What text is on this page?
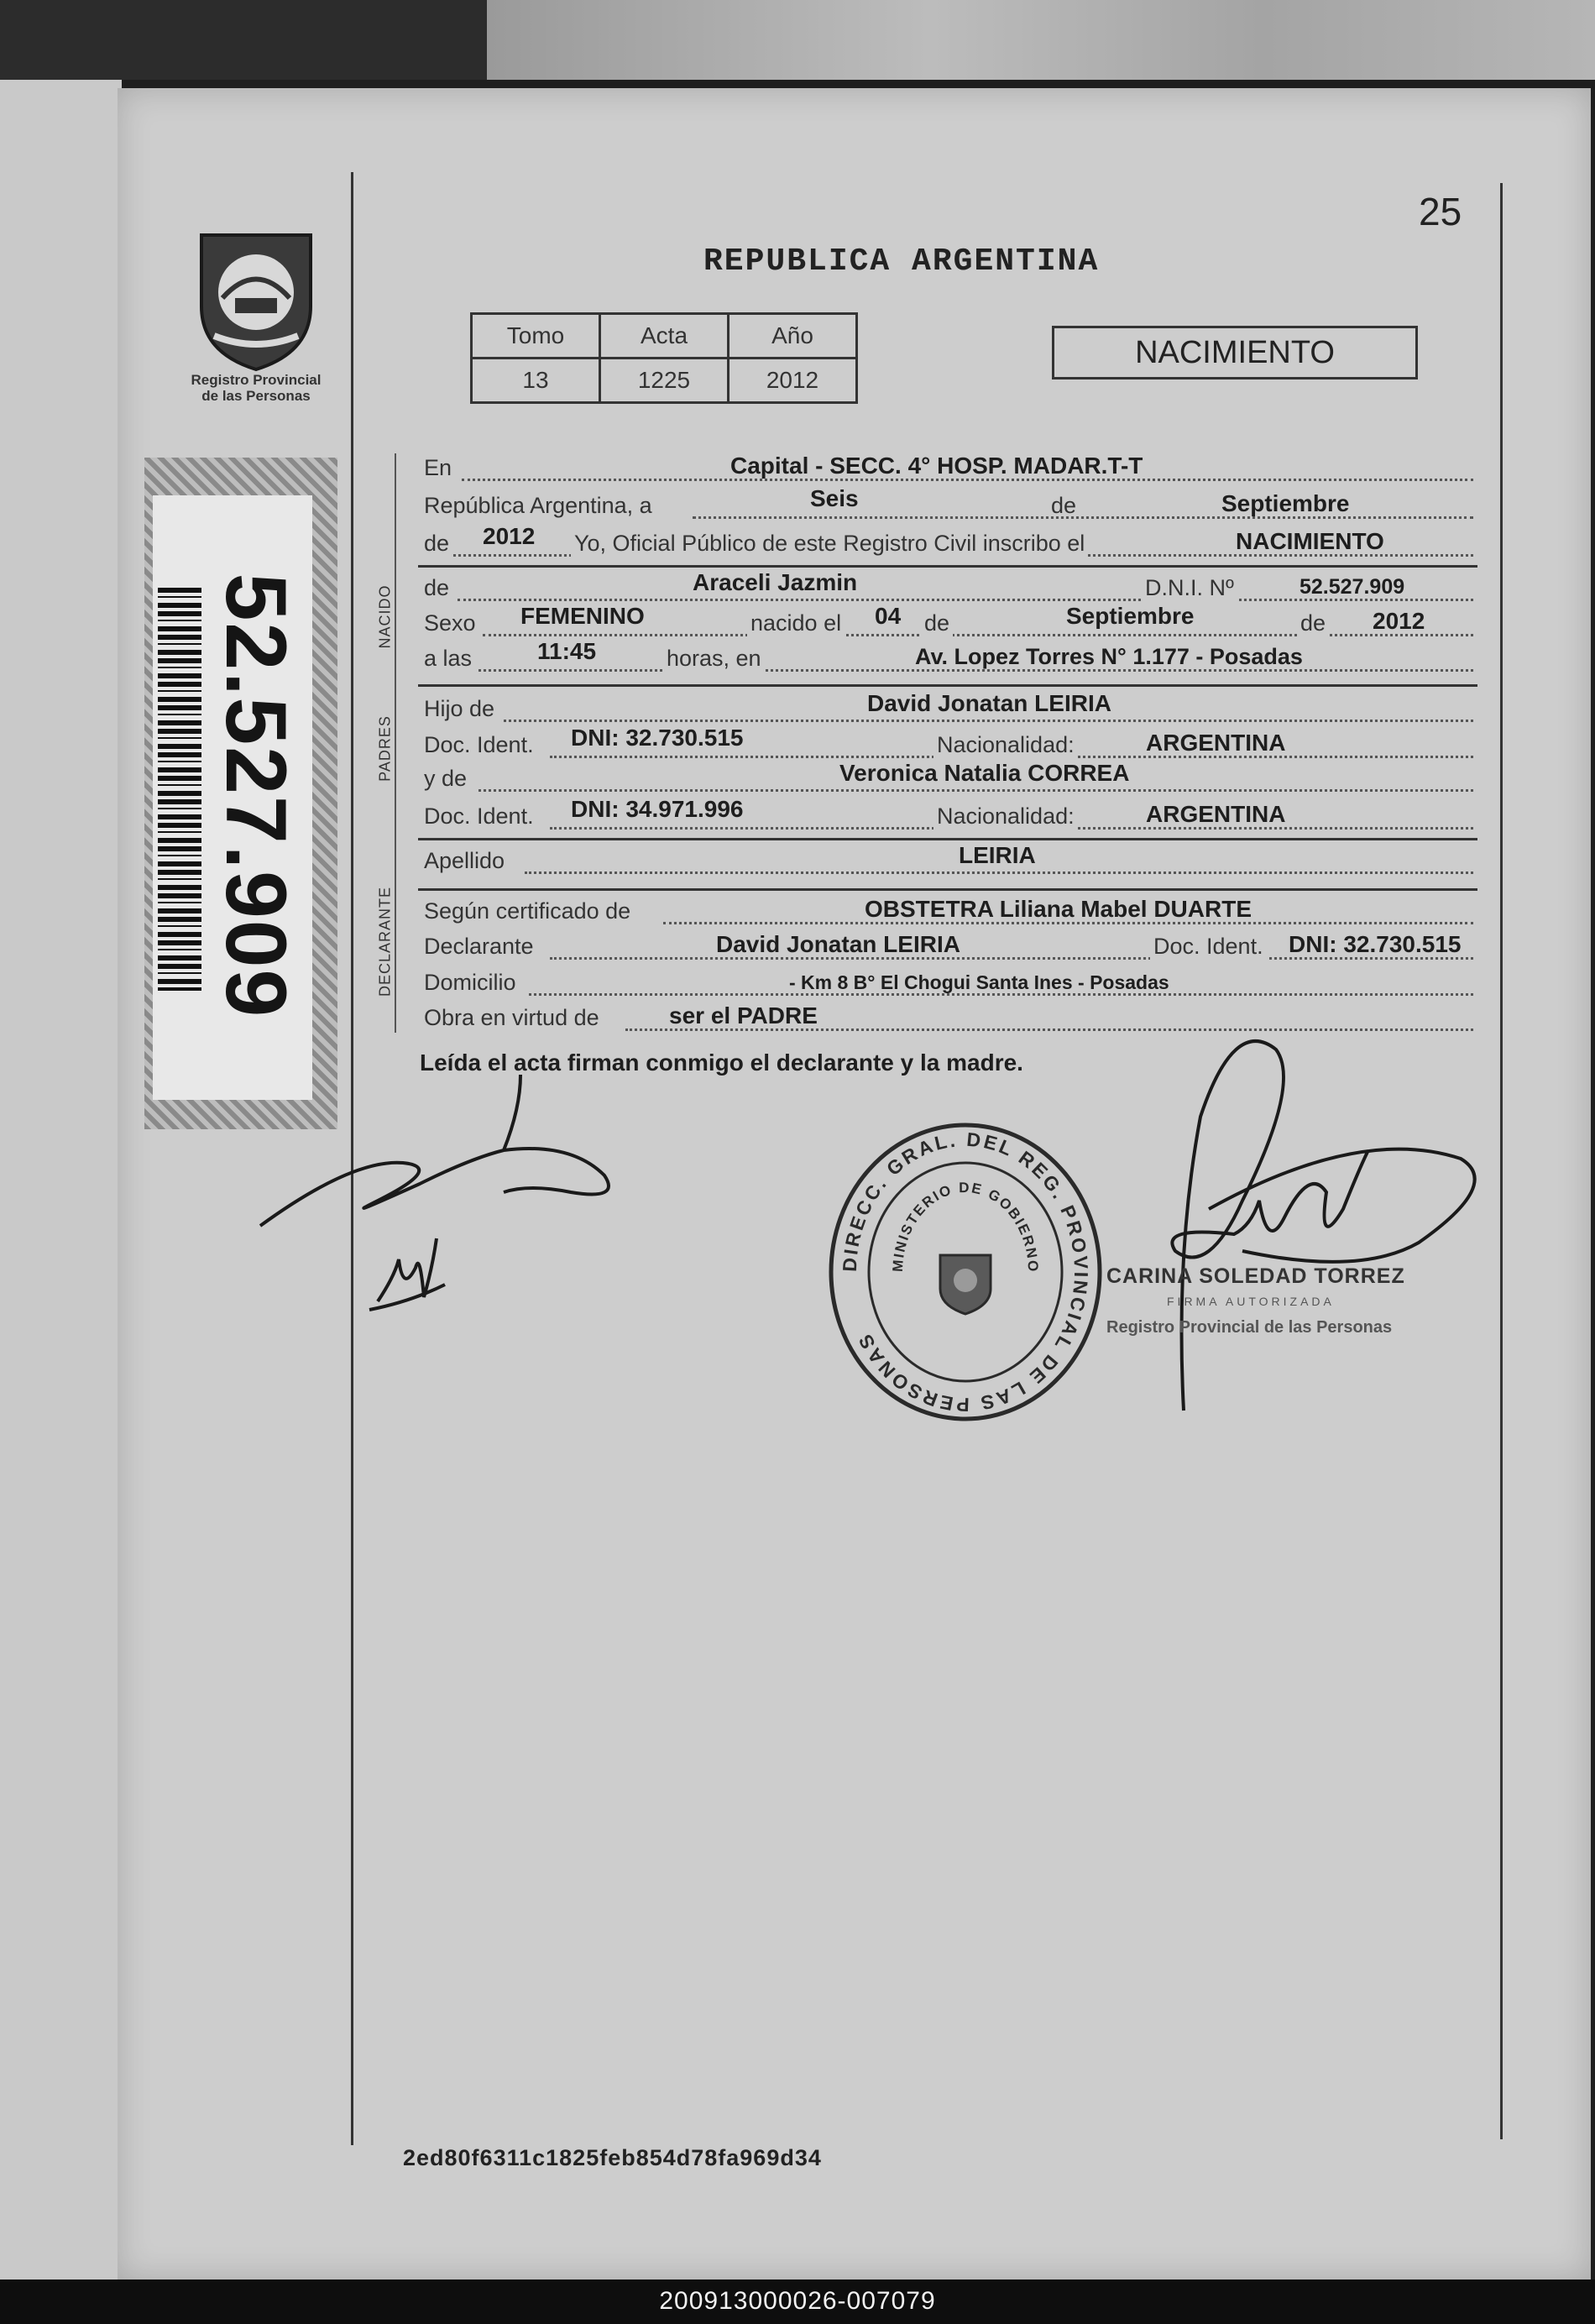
Registro Provincial
de las Personas
52.527.909
25
REPUBLICA ARGENTINA
Tomo	Acta	Año
13	1225	2012
NACIMIENTO
NACIDO
PADRES
DECLARANTE
En	Capital - SECC. 4° HOSP. MADAR.T-T
República Argentina, a	Seis	de	Septiembre
de 2012 Yo, Oficial Público de este Registro Civil inscribo el	NACIMIENTO
de	Araceli Jazmin	D.N.I. Nº	52.527.909
Sexo FEMENINO	nacido el 04 de	Septiembre	de 2012
a las	11:45	horas, en	Av. Lopez Torres N° 1.177 - Posadas
Hijo de	David Jonatan LEIRIA
Doc. Ident. DNI: 32.730.515	Nacionalidad:	ARGENTINA
y de	Veronica Natalia CORREA
Doc. Ident. DNI: 34.971.996	Nacionalidad:	ARGENTINA
Apellido	LEIRIA
Según certificado de	OBSTETRA Liliana Mabel DUARTE
Declarante	David Jonatan LEIRIA	Doc. Ident. DNI: 32.730.515
Domicilio	- Km 8 B° El Chogui Santa Ines - Posadas
Obra en virtud de	ser el PADRE
Leída el acta firman conmigo el declarante y la madre.
DIRECC. GRAL. DEL REG. PROVINCIAL DE LAS PERSONAS
MINISTERIO DE GOBIERNO	CARINA SOLEDAD TORREZ
FIRMA AUTORIZADA
Registro Provincial de las Personas
2ed80f6311c1825feb854d78fa969d34
200913000026-007079
